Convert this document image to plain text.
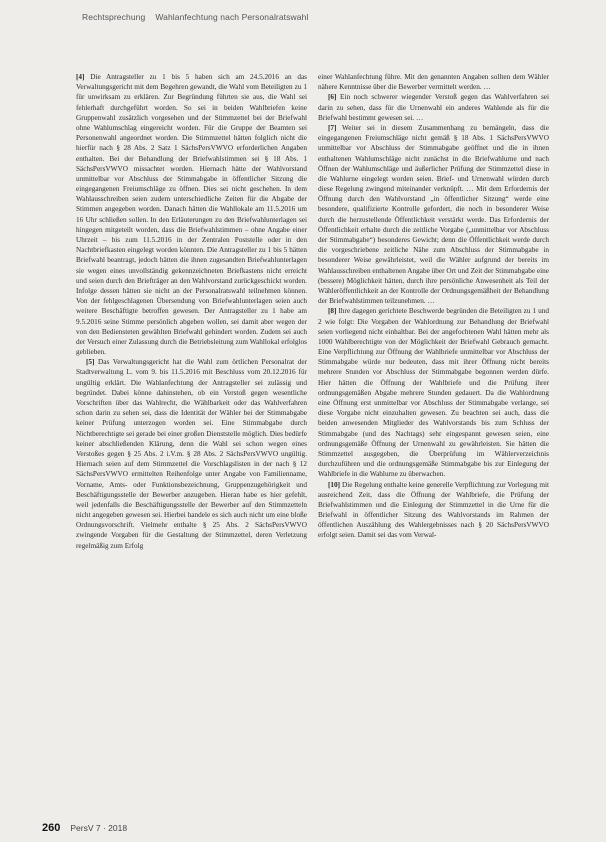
Rechtsprechung Wahlanfechtung nach Personalratswahl

[4] Die Antragsteller zu 1 bis 5 haben sich am 24.5.2016 an das Verwaltungsgericht mit dem Begehren gewandt, die Wahl vom Beteiligten zu 1 für unwirksam zu erklären. Zur Begründung führten sie aus, die Wahl sei fehlerhaft durchgeführt worden. So sei in beiden Wahlbriefen keine Gruppenwahl zusätzlich vorgesehen und der Stimmzettel bei der Briefwahl ohne Wahlumschlag eingereicht worden. Für die Gruppe der Beamten sei Personenwahl angeordnet worden. Die Stimmzettel hätten folglich nicht die hierfür nach § 28 Abs. 2 Satz 1 SächsPersVWVO erforderlichen Angaben enthalten. Bei der Behandlung der Briefwahlstimmen sei § 18 Abs. 1 SächsPersVWVO missachtet worden. Hiernach hätte der Wahlvorstand unmittelbar vor Abschluss der Stimmabgabe in öffentlicher Sitzung die eingegangenen Freiumschläge zu öffnen. Dies sei nicht geschehen. In dem Wahlausschreiben seien zudem unterschiedliche Zeiten für die Abgabe der Stimmen angegeben worden. Danach hätten die Wahllokale am 11.5.2016 um 16 Uhr schließen sollen. In den Erläuterungen zu den Briefwahlunterlagen sei hingegen mitgeteilt worden, dass die Briefwahlstimmen – ohne Angabe einer Uhrzeit – bis zum 11.5.2016 in der Zentralen Poststelle oder in den Nachtbriefkasten eingelegt worden könnten. Die Antragsteller zu 1 bis 5 hätten Briefwahl beantragt, jedoch hätten die ihnen zugesandten Briefwahlunterlagen sie wegen eines unvollständig gekennzeichneten Briefkastens nicht erreicht und seien durch den Briefträger an den Wahlvorstand zurückgeschickt worden. Infolge dessen hätten sie nicht an der Personalratswahl teilnehmen können. Von der fehlgeschlagenen Übersendung von Briefwahlunterlagen seien auch weitere Beschäftigte betroffen gewesen. Der Antragsteller zu 1 habe am 9.5.2016 seine Stimme persönlich abgeben wollen, sei damit aber wegen der von den Bediensteten gewählten Briefwahl gehindert worden. Zudem sei auch der Versuch einer Zulassung durch die Betriebsleitung zum Wahllokal erfolglos geblieben.

[5] Das Verwaltungsgericht hat die Wahl zum örtlichen Personalrat der Stadtverwaltung L. vom 9. bis 11.5.2016 mit Beschluss vom 20.12.2016 für ungültig erklärt. Die Wahlanfechtung der Antragsteller sei zulässig und begründet. Dabei könne dahinstehen, ob ein Verstoß gegen wesentliche Vorschriften über das Wahlrecht, die Wählbarkeit oder das Wahlverfahren schon darin zu sehen sei, dass die Identität der Wähler bei der Stimmabgabe keiner Prüfung unterzogen worden sei. Eine Stimmabgabe durch Nichtberechtigte sei gerade bei einer großen Dienststelle möglich. Dies bedürfe keiner abschließenden Klärung, denn die Wahl sei schon wegen eines Verstoßes gegen § 25 Abs. 2 i.V.m. § 28 Abs. 2 SächsPersVWVO ungültig. Hiernach seien auf dem Stimmzettel die Vorschlagslisten in der nach § 12 SächsPersVWVO ermittelten Reihenfolge unter Angabe von Familienname, Vorname, Amts- oder Funktionsbezeichnung, Gruppenzugehörigkeit und Beschäftigungsstelle der Bewerber anzugeben. Hieran habe es hier gefehlt, weil jedenfalls die Beschäftigungsstelle der Bewerber auf den Stimmzetteln nicht angegeben gewesen sei. Hierbei handele es sich auch nicht um eine bloße Ordnungsvorschrift. Vielmehr enthalte § 25 Abs. 2 SächsPersVWVO zwingende Vorgaben für die Gestaltung der Stimmzettel, deren Verletzung regelmäßig zum Erfolg

einer Wahlanfechtung führe. Mit den genannten Angaben sollten dem Wähler nähere Kenntnisse über die Bewerber vermittelt werden. …

[6] Ein noch schwerer wiegender Verstoß gegen das Wahlverfahren sei darin zu sehen, dass für die Urnenwahl ein anderes Wahlende als für die Briefwahl bestimmt gewesen sei. …

[7] Weiter sei in diesem Zusammenhang zu bemängeln, dass die eingegangenen Freiumschläge nicht gemäß § 18 Abs. 1 SächsPersVWVO unmittelbar vor Abschluss der Stimmabgabe geöffnet und die in ihnen enthaltenen Wahlumschläge nicht zunächst in die Briefwahlurne und nach Öffnen der Wahlumschläge und äußerlicher Prüfung der Stimmzettel diese in die Wahlurne eingelegt worden seien. Brief- und Urnenwahl würden durch diese Regelung zwingend miteinander verknüpft. … Mit dem Erfordernis der Öffnung durch den Wahlvorstand „in öffentlicher Sitzung“ werde eine besondere, qualifizierte Kontrolle gefordert, die noch in besonderer Weise durch die herzustellende Öffentlichkeit verstärkt werde. Das Erfordernis der Öffentlichkeit erhalte durch die zeitliche Vorgabe („unmittelbar vor Abschluss der Stimmabgabe“) besonderes Gewicht; denn die Öffentlichkeit werde durch die vorgeschriebene zeitliche Nähe zum Abschluss der Stimmabgabe in besonderer Weise gewährleistet, weil die Wähler aufgrund der bereits im Wahlausschreiben enthaltenen Angabe über Ort und Zeit der Stimmabgabe eine (bessere) Möglichkeit hätten, durch ihre persönliche Anwesenheit als Teil der Wähleröffentlichkeit an der Kontrolle der Ordnungsgemäßheit der Behandlung der Briefwahlstimmen teilzunehmen. …

[8] Ihre dagegen gerichtete Beschwerde begründen die Beteiligten zu 1 und 2 wie folgt: Die Vorgaben der Wahlordnung zur Behandlung der Briefwahl seien vorliegend nicht einhaltbar. Bei der angefochtenen Wahl hätten mehr als 1000 Wahlberechtigte von der Möglichkeit der Briefwahl Gebrauch gemacht. Eine Verpflichtung zur Öffnung der Wahlbriefe unmittelbar vor Abschluss der Stimmabgabe würde nur bedeuten, dass mit ihrer Öffnung nicht bereits mehrere Stunden vor Abschluss der Stimmabgabe begonnen werden dürfe. Hier hätten die Öffnung der Wahlbriefe und die Prüfung ihrer ordnungsgemäßen Abgabe mehrere Stunden gedauert. Da die Wahlordnung eine Öffnung erst unmittelbar vor Abschluss der Stimmabgabe verlange, sei diese Vorgabe nicht einzuhalten gewesen. Zu beachten sei auch, dass die beiden anwesenden Mitglieder des Wahlvorstands bis zum Schluss der Stimmabgabe (und des Nachtags) sehr eingespannt gewesen seien, eine ordnungsgemäße Öffnung der Urnenwahl zu gewährleisten. Sie hätten die Stimmzettel ausgegeben, die Überprüfung im Wählerverzeichnis durchzuführen und die ordnungsgemäße Stimmabgabe bis zur Einlegung der Wahlbriefe in die Wahlurne zu überwachen.

[10] Die Regelung enthalte keine generelle Verpflichtung zur Vorlegung mit ausreichend Zeit, dass die Öffnung der Wahlbriefe, die Prüfung der Briefwahlstimmen und die Einlegung der Stimmzettel in die Urne für die Briefwahl in öffentlicher Sitzung des Wahlvorstands im Rahmen der öffentlichen Auszählung des Wahlergebnisses nach § 20 SächsPersVWVO erfolgt seien. Damit sei das vom Verwal-

260 PersV 7 · 2018
